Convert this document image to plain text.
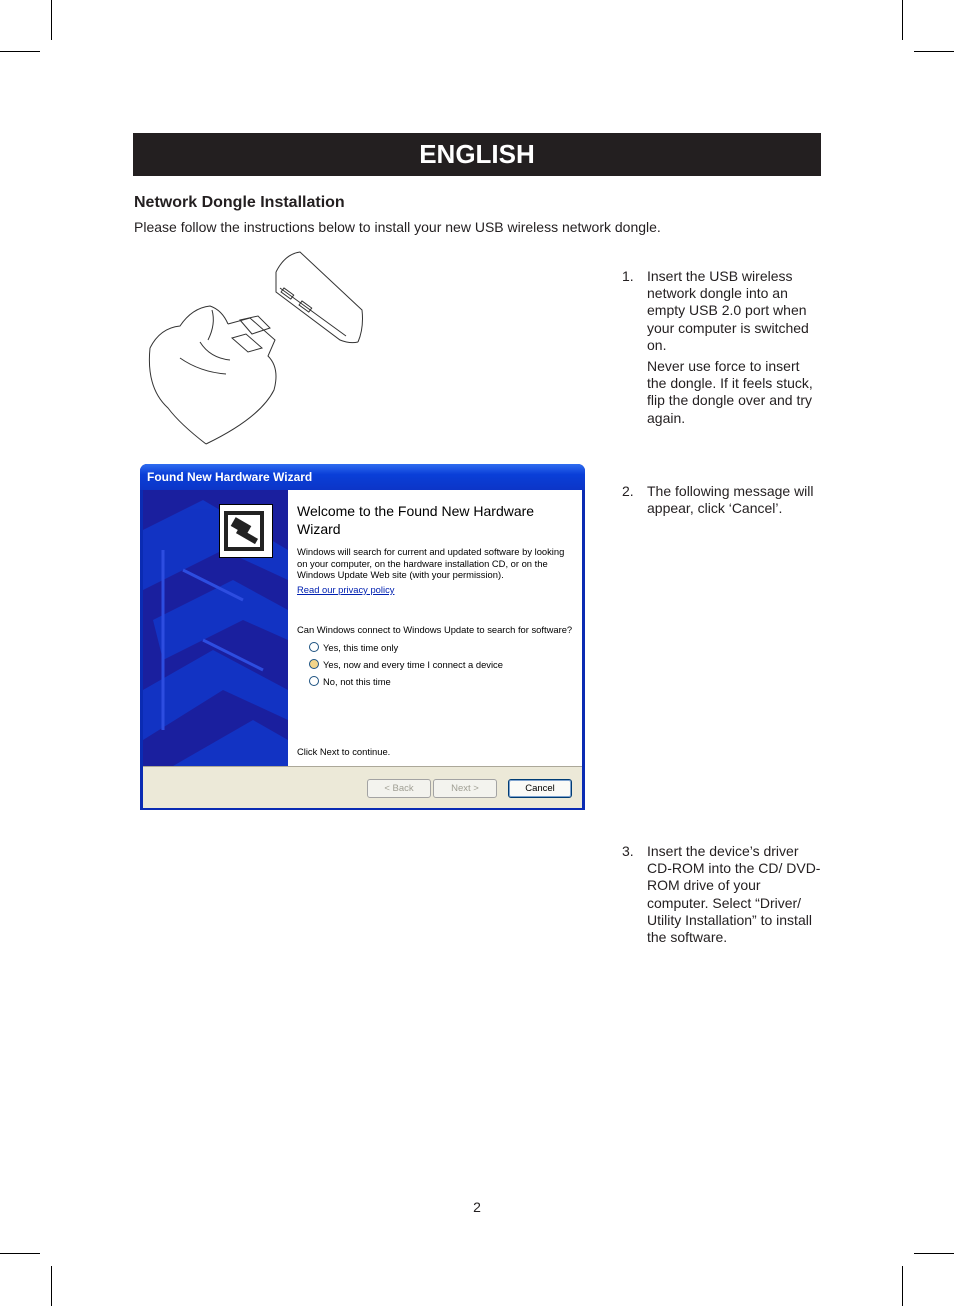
ENGLISH
Network Dongle Installation

Please follow the instructions below to install your new USB wireless network dongle.

1. Insert the USB wireless network dongle into an empty USB 2.0 port when your computer is switched on.

Never use force to insert the dongle. If it feels stuck, flip the dongle over and try again.

2. The following message will appear, click ‘Cancel’.

3. Insert the device’s driver CD-ROM into the CD/ DVD-ROM drive of your computer. Select “Driver/ Utility Installation” to install the software.

Found New Hardware Wizard
Welcome to the Found New Hardware Wizard

Windows will search for current and updated software by looking on your computer, on the hardware installation CD, or on the Windows Update Web site (with your permission).

Read our privacy policy

Can Windows connect to Windows Update to search for software?

Yes, this time only
Yes, now and every time I connect a device
No, not this time

Click Next to continue.

< Back	Next >	Cancel
2
